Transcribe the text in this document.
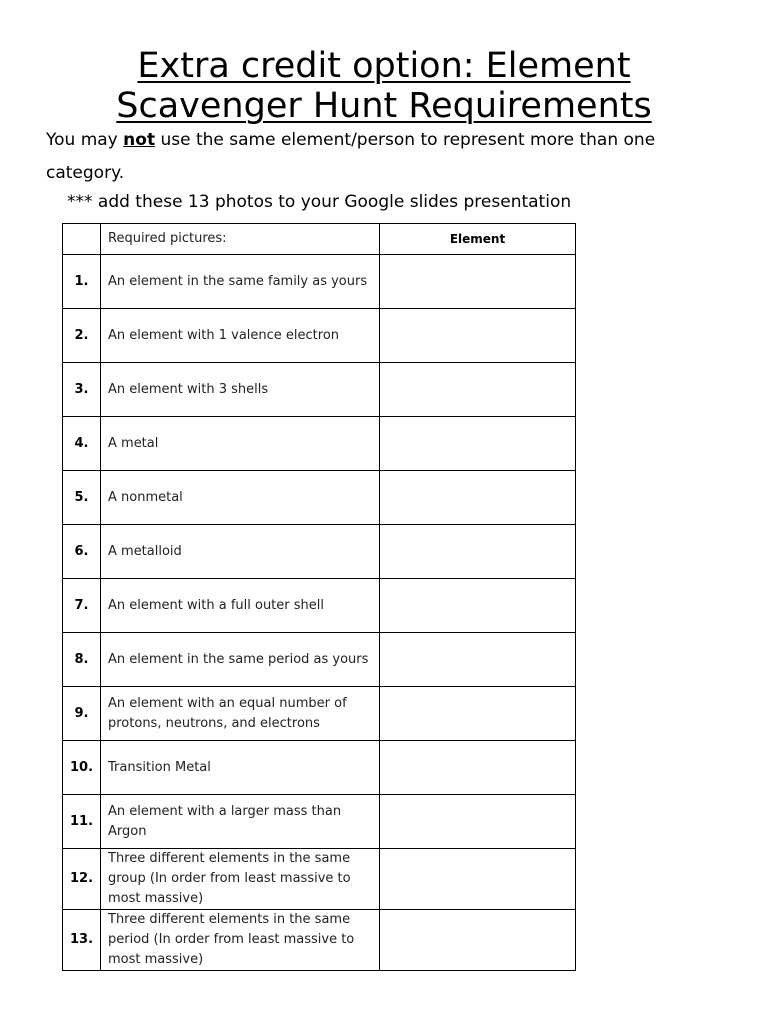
Extra credit option: Element
Scavenger Hunt Requirements
You may not use the same element/person to represent more than one category.
*** add these 13 photos to your Google slides presentation
	Required pictures:	Element
1.	An element in the same family as yours	
2.	An element with 1 valence electron	
3.	An element with 3 shells	
4.	A metal	
5.	A nonmetal	
6.	A metalloid	
7.	An element with a full outer shell	
8.	An element in the same period as yours	
9.	An element with an equal number of protons, neutrons, and electrons	
10.	Transition Metal	
11.	An element with a larger mass than Argon	
12.	Three different elements in the same group (In order from least massive to most massive)	
13.	Three different elements in the same period (In order from least massive to most massive)	
